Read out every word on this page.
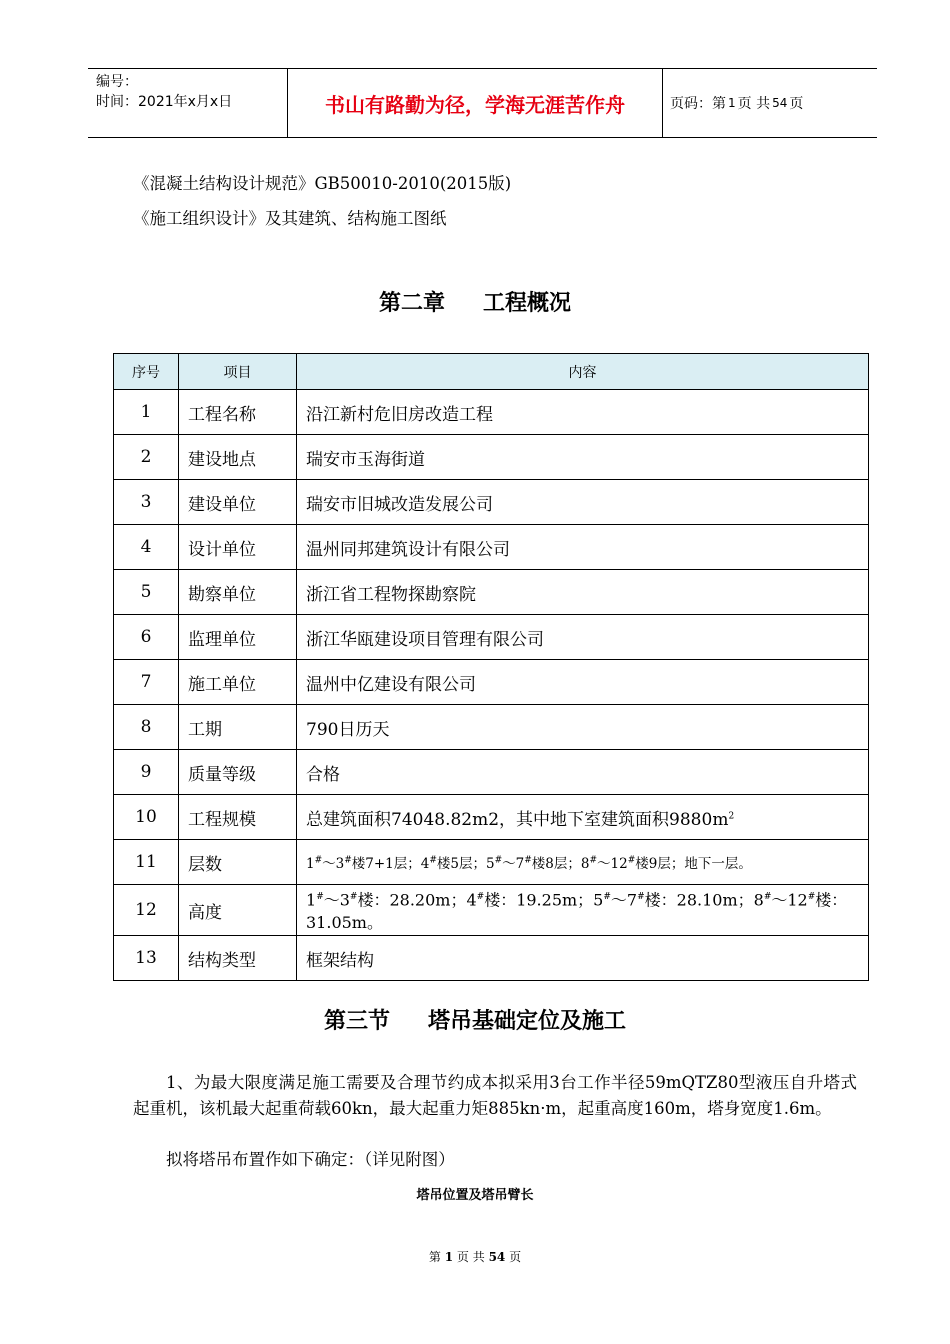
编号：
时间：2021年x月x日	书山有路勤为径，学海无涯苦作舟	页码：第 1 页 共 54 页
《混凝土结构设计规范》GB50010-2010(2015版)
《施工组织设计》及其建筑、结构施工图纸
第二章 工程概况
序号	项目	内容
1	工程名称	沿江新村危旧房改造工程
2	建设地点	瑞安市玉海街道
3	建设单位	瑞安市旧城改造发展公司
4	设计单位	温州同邦建筑设计有限公司
5	勘察单位	浙江省工程物探勘察院
6	监理单位	浙江华瓯建设项目管理有限公司
7	施工单位	温州中亿建设有限公司
8	工期	790日历天
9	质量等级	合格
10	工程规模	总建筑面积74048.82m2，其中地下室建筑面积$9880m^2$
11	层数	1#～3#楼7+1层；4#楼5层；5#～7#楼8层；8#～12#楼9层；地下一层。
12	高度	1#～3#楼：28.20m；4#楼：19.25m；5#～7#楼：28.10m；8#～12#楼：31.05m。
13	结构类型	框架结构
第三节 塔吊基础定位及施工
1、为最大限度满足施工需要及合理节约成本拟采用3台工作半径59mQTZ80型液压自升塔式起重机，该机最大起重荷载60kn，最大起重力矩885kn·m，起重高度160m，塔身宽度1.6m。
拟将塔吊布置作如下确定：（详见附图）
塔吊位置及塔吊臂长
第 1 页 共 54 页
